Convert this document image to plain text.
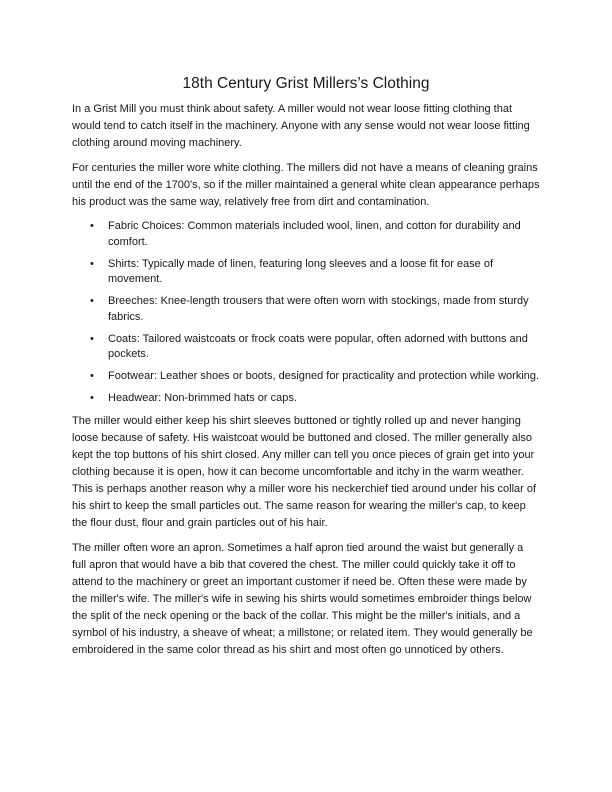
18th Century Grist Millers’s Clothing

In a Grist Mill you must think about safety. A miller would not wear loose fitting clothing that would tend to catch itself in the machinery. Anyone with any sense would not wear loose fitting clothing around moving machinery.

For centuries the miller wore white clothing. The millers did not have a means of cleaning grains until the end of the 1700's, so if the miller maintained a general white clean appearance perhaps his product was the same way, relatively free from dirt and contamination.

• Fabric Choices: Common materials included wool, linen, and cotton for durability and comfort.
• Shirts: Typically made of linen, featuring long sleeves and a loose fit for ease of movement.
• Breeches: Knee-length trousers that were often worn with stockings, made from sturdy fabrics.
• Coats: Tailored waistcoats or frock coats were popular, often adorned with buttons and pockets.
• Footwear: Leather shoes or boots, designed for practicality and protection while working.
• Headwear: Non-brimmed hats or caps.

The miller would either keep his shirt sleeves buttoned or tightly rolled up and never hanging loose because of safety. His waistcoat would be buttoned and closed. The miller generally also kept the top buttons of his shirt closed. Any miller can tell you once pieces of grain get into your clothing because it is open, how it can become uncomfortable and itchy in the warm weather. This is perhaps another reason why a miller wore his neckerchief tied around under his collar of his shirt to keep the small particles out. The same reason for wearing the miller's cap, to keep the flour dust, flour and grain particles out of his hair.

The miller often wore an apron. Sometimes a half apron tied around the waist but generally a full apron that would have a bib that covered the chest. The miller could quickly take it off to attend to the machinery or greet an important customer if need be. Often these were made by the miller's wife. The miller's wife in sewing his shirts would sometimes embroider things below the split of the neck opening or the back of the collar. This might be the miller's initials, and a symbol of his industry, a sheave of wheat; a millstone; or related item. They would generally be embroidered in the same color thread as his shirt and most often go unnoticed by others.
